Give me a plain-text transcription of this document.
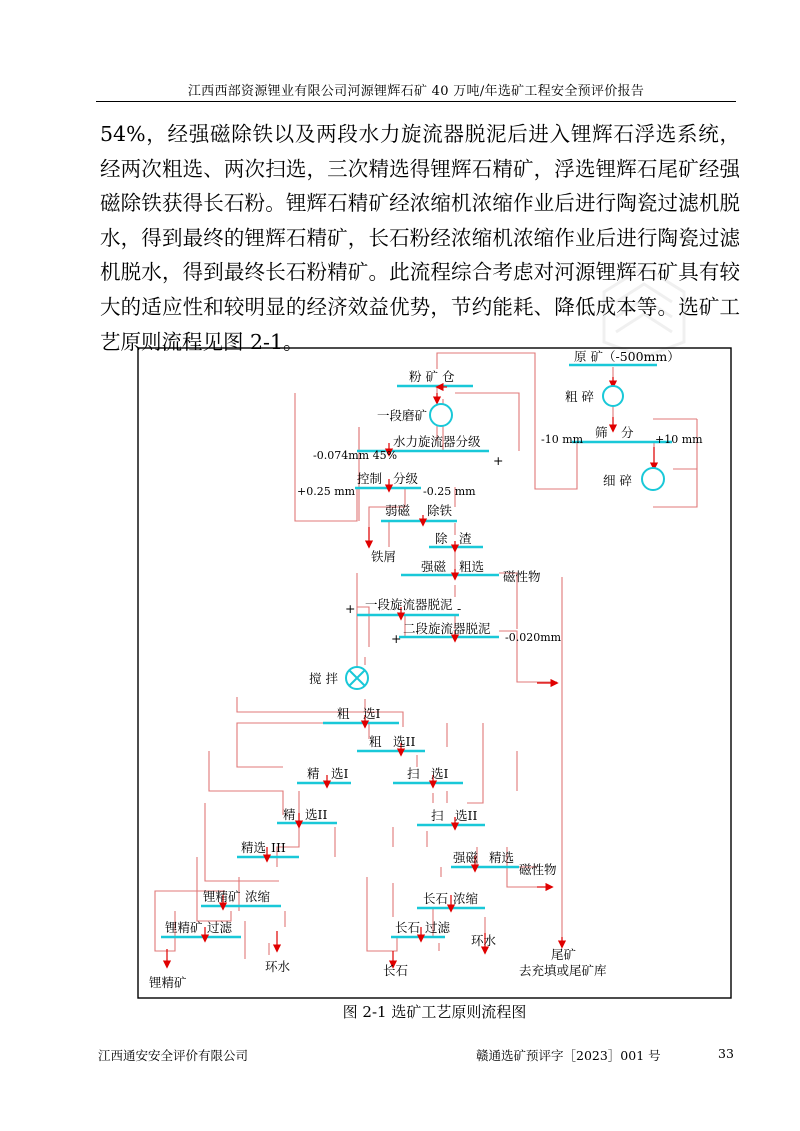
江西西部资源锂业有限公司河源锂辉石矿 40 万吨/年选矿工程安全预评价报告

54%，经强磁除铁以及两段水力旋流器脱泥后进入锂辉石浮选系统，经两次粗选、两次扫选，三次精选得锂辉石精矿，浮选锂辉石尾矿经强磁除铁获得长石粉。锂辉石精矿经浓缩机浓缩作业后进行陶瓷过滤机脱水，得到最终的锂辉石精矿，长石粉经浓缩机浓缩作业后进行陶瓷过滤机脱水，得到最终长石粉精矿。此流程综合考虑对河源锂辉石矿具有较大的适应性和较明显的经济效益优势，节约能耗、降低成本等。选矿工艺原则流程见图 2-1。

原 矿（-500mm）
粗 碎
筛 分
-10 mm	+10 mm
细 碎
粉 矿 仓
一段磨矿
水力旋流 器分级
-0.074mm 45%	+
控制 分级
+0.25 mm	-0.25 mm
弱磁 除铁
铁屑
除 渣
强磁 粗选
磁性物
一段旋流 器脱泥
+	-
+
二段旋流 器脱泥
-0.020mm
搅 拌
粗 选I
粗 选II
精 选I	扫 选I
精 选II	扫 选II
精选 III
强磁 精选
磁性物
锂精矿 浓缩	长石 浓缩
锂精矿 过滤	长石 过滤
环水
环水
锂精矿
长石
尾矿
去充填或尾矿库
图 2-1 选矿工艺原则流程图
江西通安安全评价有限公司	赣通选矿预评字［2023］001 号	33
